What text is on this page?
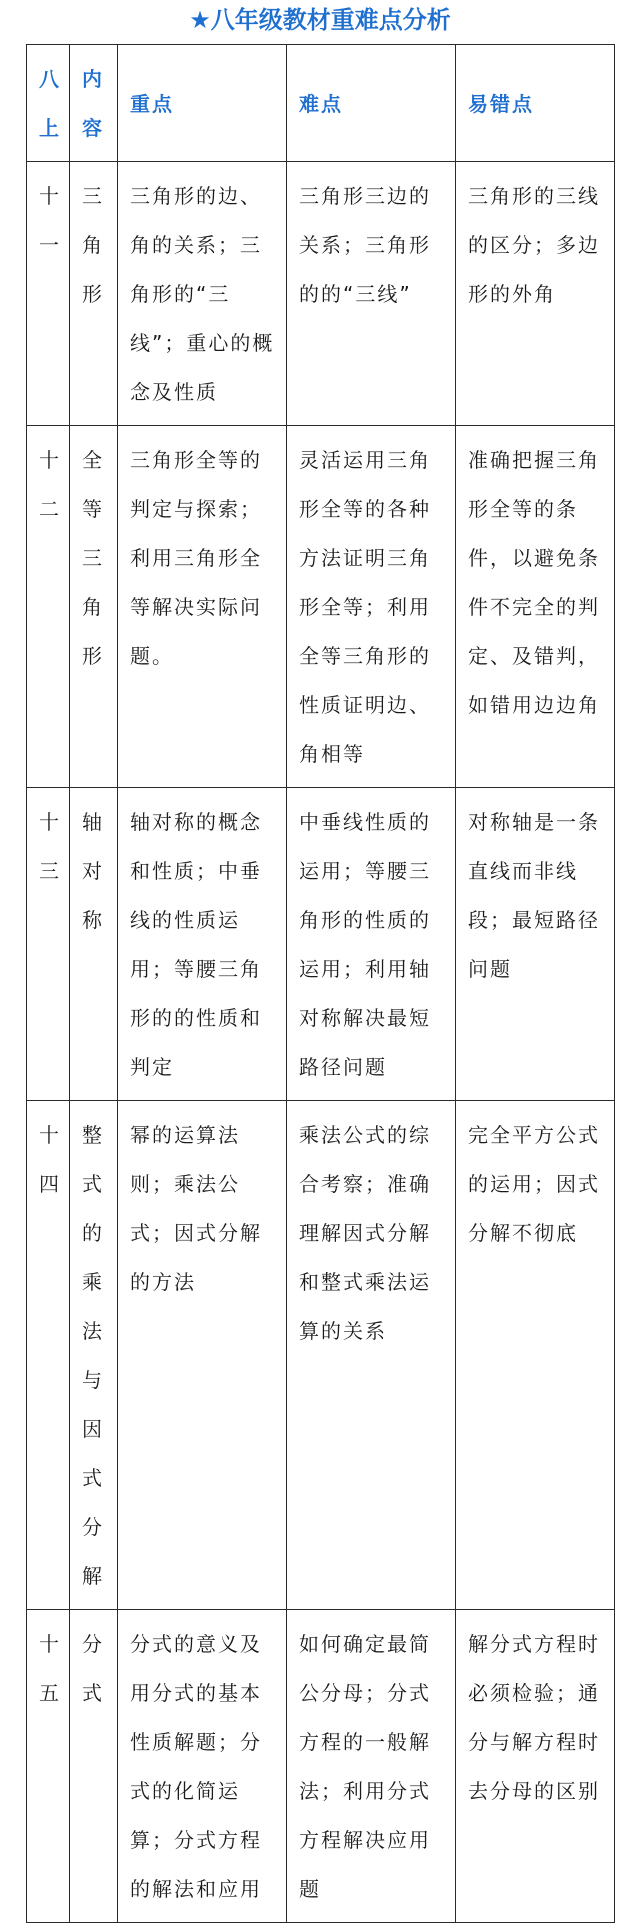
★八年级教材重难点分析
八上	内容	重点	难点	易错点

十一	三角形	三角形的边、角的关系；三角形的“三线”；重心的概念及性质	三角形三边的关系；三角形的的“三线”	三角形的三线的区分；多边形的外角

十二	全等三角形	三角形全等的判定与探索；利用三角形全等解决实际问题。	灵活运用三角形全等的各种方法证明三角形全等；利用全等三角形的性质证明边、角相等	准确把握三角形全等的条件，以避免条件不完全的判定、及错判，如错用边边角

十三	轴对称	轴对称的概念和性质；中垂线的性质运用；等腰三角形的的性质和判定	中垂线性质的运用；等腰三角形的性质的运用；利用轴对称解决最短路径问题	对称轴是一条直线而非线段；最短路径问题

十四	整式的乘法与因式分解	幂的运算法则；乘法公式；因式分解的方法	乘法公式的综合考察；准确理解因式分解和整式乘法运算的关系	完全平方公式的运用；因式分解不彻底

十五	分式	分式的意义及用分式的基本性质解题；分式的化简运算；分式方程的解法和应用	如何确定最简公分母；分式方程的一般解法；利用分式方程解决应用题	解分式方程时必须检验；通分与解方程时去分母的区别
